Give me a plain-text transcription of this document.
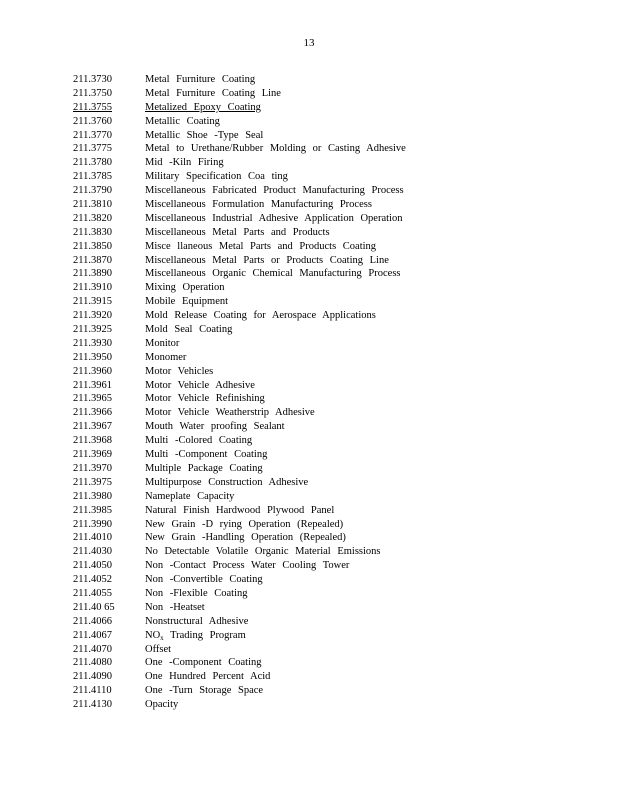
13
211.3730	Metal Furniture Coating
211.3750	Metal Furniture Coating Line
211.3755	Metalized Epoxy Coating
211.3760	Metallic Coating
211.3770	Metallic Shoe -Type Seal
211.3775	Metal to Urethane/Rubber Molding or Casting Adhesive
211.3780	Mid -Kiln Firing
211.3785	Military Specification Coa ting
211.3790	Miscellaneous Fabricated Product Manufacturing Process
211.3810	Miscellaneous Formulation Manufacturing Process
211.3820	Miscellaneous Industrial Adhesive Application Operation
211.3830	Miscellaneous Metal Parts and Products
211.3850	Misce llaneous Metal Parts and Products Coating
211.3870	Miscellaneous Metal Parts or Products Coating Line
211.3890	Miscellaneous Organic Chemical Manufacturing Process
211.3910	Mixing Operation
211.3915	Mobile Equipment
211.3920	Mold Release Coating for Aerospace Applications
211.3925	Mold Seal Coating
211.3930	Monitor
211.3950	Monomer
211.3960	Motor Vehicles
211.3961	Motor Vehicle Adhesive
211.3965	Motor Vehicle Refinishing
211.3966	Motor Vehicle Weatherstrip Adhesive
211.3967	Mouth Water proofing Sealant
211.3968	Multi -Colored Coating
211.3969	Multi -Component Coating
211.3970	Multiple Package Coating
211.3975	Multipurpose Construction Adhesive
211.3980	Nameplate Capacity
211.3985	Natural Finish Hardwood Plywood Panel
211.3990	New Grain -D rying Operation (Repealed)
211.4010	New Grain -Handling Operation (Repealed)
211.4030	No Detectable Volatile Organic Material Emissions
211.4050	Non -Contact Process Water Cooling Tower
211.4052	Non -Convertible Coating
211.4055	Non -Flexible Coating
211.40 65	Non -Heatset
211.4066	Nonstructural Adhesive
211.4067	$NO_x$ Trading Program
211.4070	Offset
211.4080	One -Component Coating
211.4090	One Hundred Percent Acid
211.4110	One -Turn Storage Space
211.4130	Opacity
